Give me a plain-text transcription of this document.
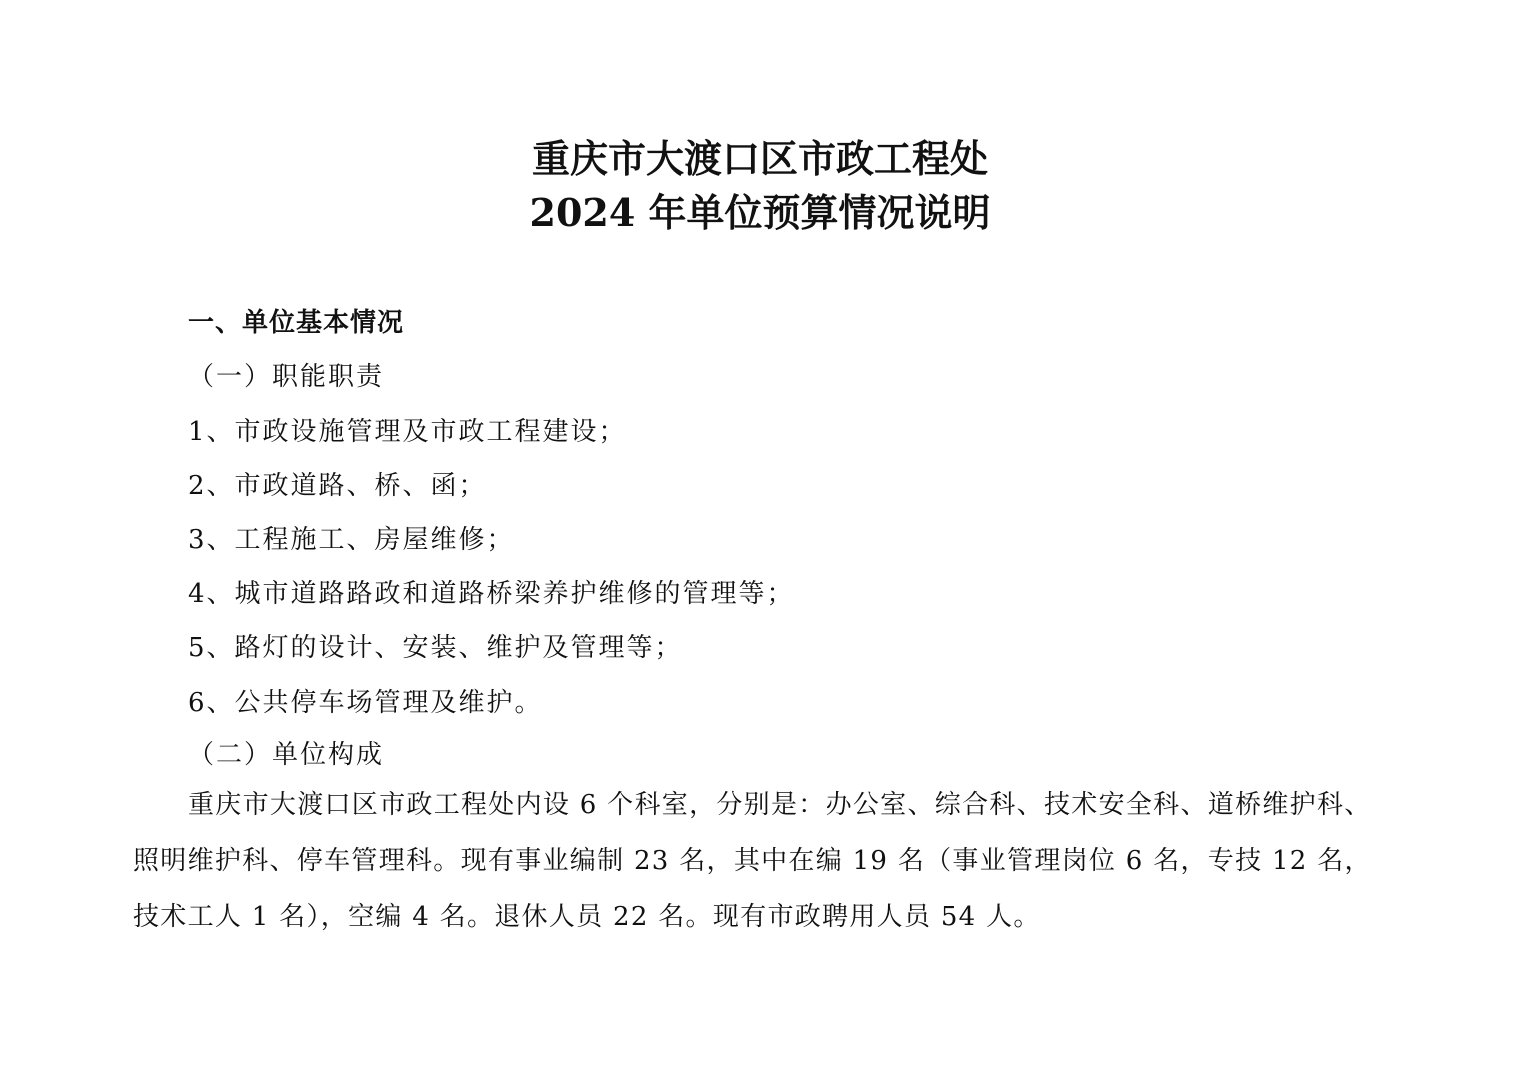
重庆市大渡口区市政工程处
2024 年单位预算情况说明
一、单位基本情况
（一）职能职责
1、市政设施管理及市政工程建设；
2、市政道路、桥、函；
3、工程施工、房屋维修；
4、城市道路路政和道路桥梁养护维修的管理等；
5、路灯的设计、安装、维护及管理等；
6、公共停车场管理及维护。
（二）单位构成
重庆市大渡口区市政工程处内设 6 个科室，分别是：办公室、综合科、技术安全科、道桥维护科、
照明维护科、停车管理科。现有事业编制 23 名，其中在编 19 名（事业管理岗位 6 名，专技 12 名，
技术工人 1 名），空编 4 名。退休人员 22 名。现有市政聘用人员 54 人。
